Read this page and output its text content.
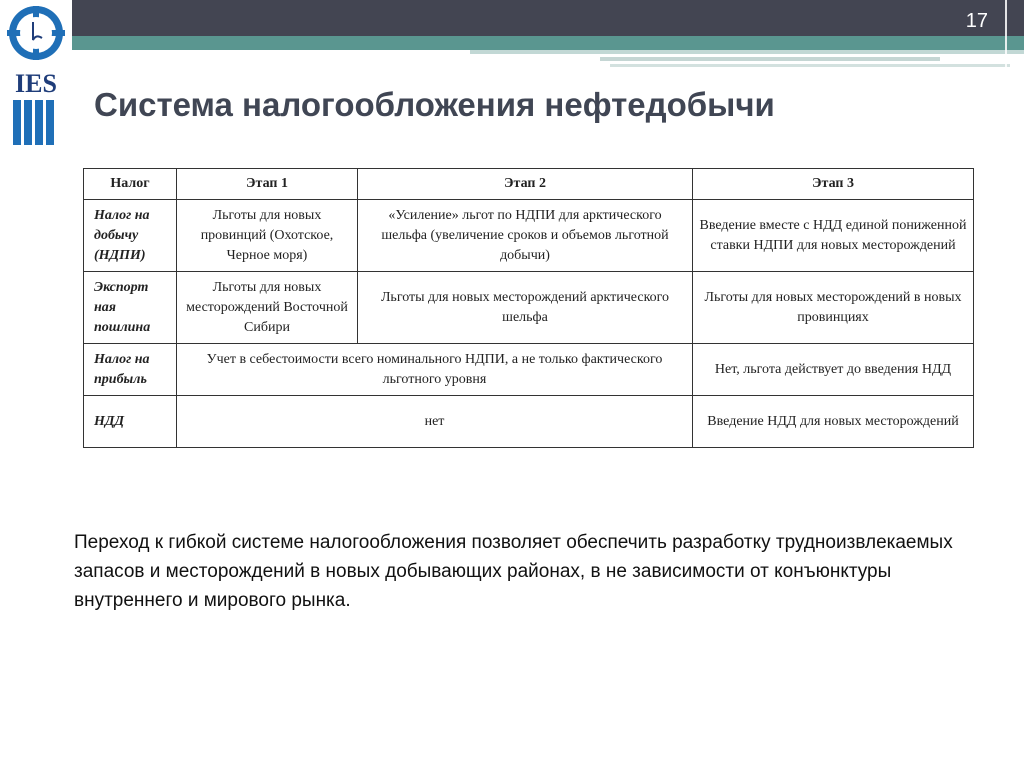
17
IES
Система налогообложения нефтедобычи
Налог	Этап 1	Этап 2	Этап 3
Налог на добычу (НДПИ)	Льготы для новых провинций (Охотское, Черное моря)	«Усиление» льгот по НДПИ для арктического шельфа (увеличение сроков и объемов льготной добычи)	Введение вместе с НДД единой пониженной ставки НДПИ для новых месторождений
Экспорт ная пошлина	Льготы для новых месторождений Восточной Сибири	Льготы для новых месторождений арктического шельфа	Льготы для новых месторождений в новых провинциях
Налог на прибыль	Учет в себестоимости всего номинального НДПИ, а не только фактического льготного уровня		Нет, льгота действует до введения НДД
НДД	нет		Введение НДД для новых месторождений

Переход к гибкой системе налогообложения позволяет обеспечить разработку трудноизвлекаемых запасов и месторождений в новых добывающих районах, в не зависимости от конъюнктуры внутреннего и мирового рынка.
